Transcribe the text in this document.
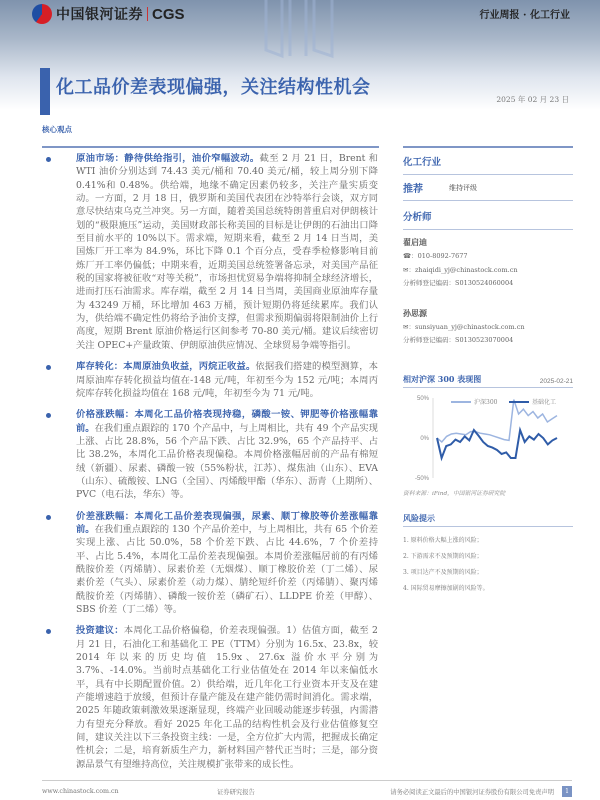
中国银河证券 CGS	行业周报 · 化工行业
化工品价差表现偏强，关注结构性机会
2025 年 02 月 23 日
核心观点
原油市场：静待供给指引，油价窄幅波动。截至 2 月 21 日，Brent 和 WTI 油价分别达到 74.43 美元/桶和 70.40 美元/桶，较上周分别下降 0.41%和 0.48%。供给端，地缘不确定因素仍较多，关注产量实质变动。一方面，2 月 18 日，俄罗斯和美国代表团在沙特举行会谈，双方同意尽快结束乌克兰冲突。另一方面，随着美国总统特朗普重启对伊朗核计划的“极限施压”运动，美国财政部长称美国的目标是让伊朗的石油出口降至目前水平的 10%以下。需求端，短期来看，截至 2 月 14 日当周，美国炼厂开工率为 84.9%，环比下降 0.1 个百分点，受春季检修影响目前炼厂开工率仍偏低；中期来看，近期美国总统签署备忘录，对美国产品征税的国家将被征收“对等关税”，市场担忧贸易争端将抑制全球经济增长，进而打压石油需求。库存端，截至 2 月 14 日当周，美国商业原油库存量为 43249 万桶，环比增加 463 万桶，预计短期仍将延续累库。我们认为，供给端不确定性仍将给予油价支撑，但需求预期偏弱将限制油价上行高度，短期 Brent 原油价格运行区间参考 70-80 美元/桶。建议后续密切关注 OPEC+产量政策、伊朗原油供应情况、全球贸易争端等指引。
库存转化：本周原油负收益，丙烷正收益。依据我们搭建的模型测算，本周原油库存转化损益均值在-148 元/吨，年初至今为 152 元/吨；本周丙烷库存转化损益均值在 168 元/吨，年初至今为 71 元/吨。
价格涨跌幅：本周化工品价格表现持稳，磷酸一铵、钾肥等价格涨幅靠前。在我们重点跟踪的 170 个产品中，与上周相比，共有 49 个产品实现上涨、占比 28.8%，56 个产品下跌、占比 32.9%，65 个产品持平、占比 38.2%，本周化工品价格表现偏稳。本周价格涨幅居前的产品有棉短绒（新疆）、尿素、磷酸一铵（55%粉状，江苏）、煤焦油（山东）、EVA（山东）、硫酸铵、LNG（全国）、丙烯酸甲酯（华东）、沥青（上期所）、PVC（电石法，华东）等。
价差涨跌幅：本周化工品价差表现偏强，尿素、顺丁橡胶等价差涨幅靠前。在我们重点跟踪的 130 个产品价差中，与上周相比，共有 65 个价差实现上涨、占比 50.0%，58 个价差下跌、占比 44.6%，7 个价差持平、占比 5.4%，本周化工品价差表现偏强。本周价差涨幅居前的有丙烯酰胺价差（丙烯腈）、尿素价差（无烟煤）、顺丁橡胶价差（丁二烯）、尿素价差（气头）、尿素价差（动力煤）、腈纶短纤价差（丙烯腈）、聚丙烯酰胺价差（丙烯腈）、磷酸一铵价差（磷矿石）、LLDPE 价差（甲醇）、SBS 价差（丁二烯）等。
投资建议：本周化工品价格偏稳，价差表现偏强。1）估值方面，截至 2 月 21 日，石油化工和基础化工 PE（TTM）分别为 16.5x、23.8x，较 2014 年以来的历史均值 15.9x、27.6x 溢价水平分别为 3.7%、-14.0%。当前时点基础化工行业估值处在 2014 年以来偏低水平，具有中长期配置价值。2）供给端，近几年化工行业资本开支及在建产能增速趋于放缓，但预计存量产能及在建产能仍需时间消化。需求端，2025 年随政策刺激效果逐渐显现，终端产业回暖动能逐步转强，内需潜力有望充分释放。看好 2025 年化工品的结构性机会及行业估值修复空间，建议关注以下三条投资主线：一是，全方位扩大内需，把握成长确定性机会；二是，培育新质生产力，新材料国产替代正当时；三是，部分资源品景气有望维持高位，关注规模扩张带来的成长性。
化工行业
推荐	维持评级
分析师
翟启迪
☎：010-8092-7677
✉：zhaiqidi_yj@chinastock.com.cn
分析师登记编码：S0130524060004
孙思源
✉：sunsiyuan_yj@chinastock.com.cn
分析师登记编码：S0130523070004
相对沪深 300 表现图	2025-02-21
50%
0%
-50%
沪深300	基础化工
资料来源：iFind，中国银河证券研究院
风险提示
1. 原料价格大幅上涨的风险；
2. 下游需求不及预期的风险；
3. 项目达产不及预期的风险；
4. 国际贸易摩擦加剧的风险等。
www.chinastock.com.cn	证券研究报告	请务必阅读正文最后的中国银河证券股份有限公司免责声明	1
